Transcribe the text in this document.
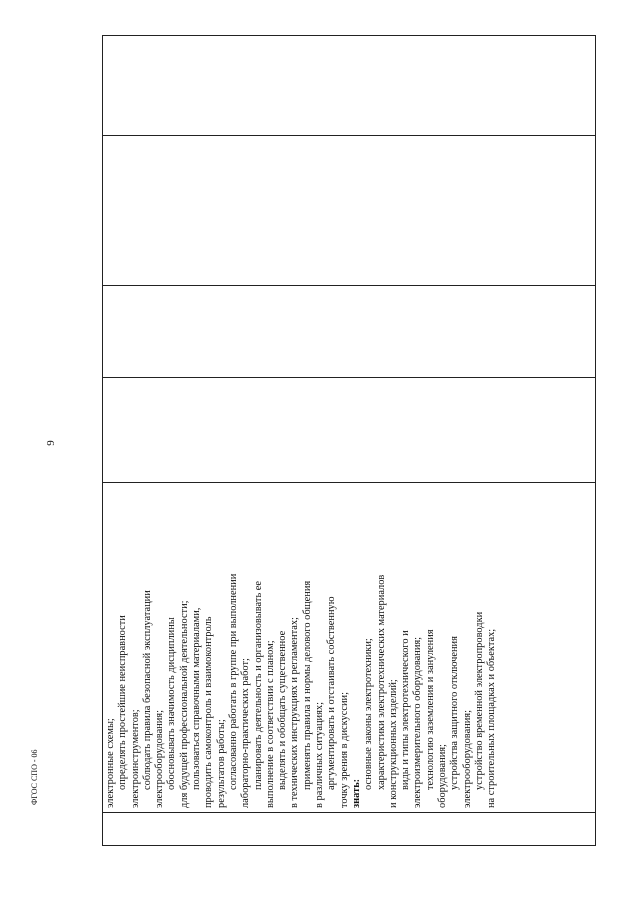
9

электронные схемы; определять простейшие неисправности электроинструментов; соблюдать правила безопасной эксплуатации электрооборудования; обосновывать значимость дисциплины для будущей профессиональной деятельности; пользоваться справочными материалами, проводить самоконтроль и взаимоконтроль результатов работы; согласованно работать в группе при выполнении лабораторно-практических работ; планировать деятельность и организовывать ее выполнение в соответствии с планом; выделять и обобщать существенное в технических инструкциях и регламентах; применять правила и нормы делового общения в различных ситуациях; аргументировать и отстаивать собственную точку зрения в дискуссии; знать:
основные законы электротехники; характеристики электротехнических материалов и конструкционных изделий; виды и типы электротехнического и электроизмерительного оборудования; технологию заземления и зануления оборудования; устройства защитного отключения электрооборудования; устройство временной электропроводки на строительных площадках и объектах;

ФГОС СПО - 06
